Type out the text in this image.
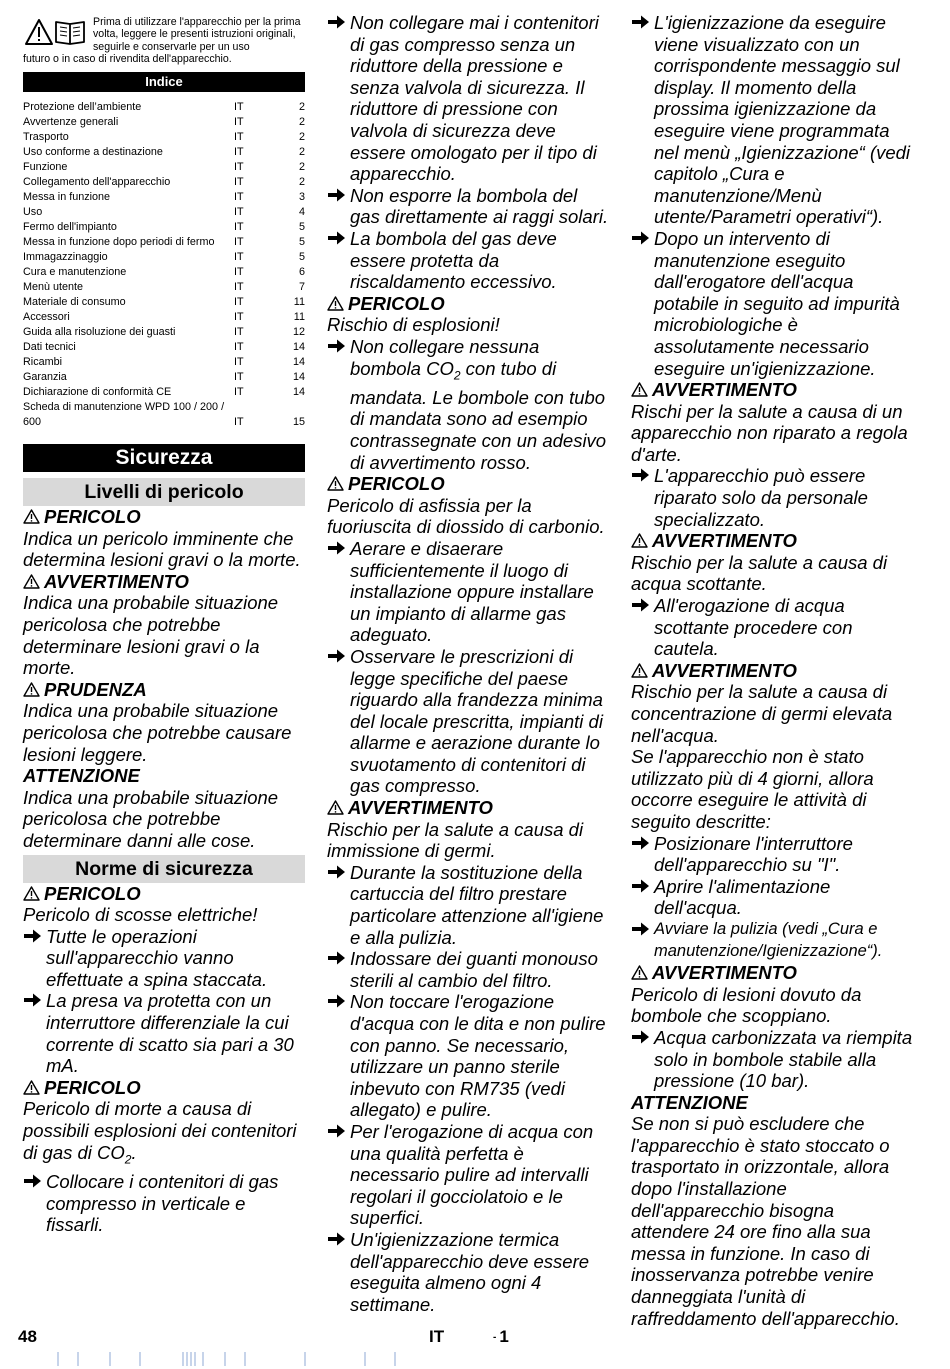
Prima di utilizzare l'apparecchio per la prima volta, leggere le presenti istruzioni originali, seguirle e conservarle per un uso

futuro o in caso di rivendita dell'apparecchio.

Indice
Protezione dell’ambiente	IT	2
Avvertenze generali	IT	2
Trasporto	IT	2
Uso conforme a destinazione	IT	2
Funzione	IT	2
Collegamento dell'apparecchio	IT	2
Messa in funzione	IT	3
Uso	IT	4
Fermo dell'impianto	IT	5
Messa in funzione dopo periodi di fermo	IT	5
Immagazzinaggio	IT	5
Cura e manutenzione	IT	6
Menù utente	IT	7
Materiale di consumo	IT	11
Accessori	IT	11
Guida alla risoluzione dei guasti	IT	12
Dati tecnici	IT	14
Ricambi	IT	14
Garanzia	IT	14
Dichiarazione di conformità CE	IT	14
Scheda di manutenzione WPD 100 / 200 / 600	IT	15
Sicurezza
Livelli di pericolo

PERICOLO

Indica un pericolo imminente che determina lesioni gravi o la morte.

AVVERTIMENTO

Indica una probabile situazione pericolosa che potrebbe determinare lesioni gravi o la morte.

PRUDENZA

Indica una probabile situazione pericolosa che potrebbe causare lesioni leggere.

ATTENZIONE

Indica una probabile situazione pericolosa che potrebbe determinare danni alle cose.

Norme di sicurezza

PERICOLO

Pericolo di scosse elettriche!

Tutte le operazioni sull'apparecchio vanno effettuate a spina staccata.

La presa va protetta con un interruttore differenziale la cui corrente di scatto sia pari a 30 mA.

PERICOLO

Pericolo di morte a causa di possibili esplosioni dei contenitori di gas di $CO_2$.

Collocare i contenitori di gas compresso in verticale e fissarli.

Non collegare mai i contenitori di gas compresso senza un riduttore della pressione e senza valvola di sicurezza. Il riduttore di pressione con valvola di sicurezza deve essere omologato per il tipo di apparecchio.

Non esporre la bombola del gas direttamente ai raggi solari.

La bombola del gas deve essere protetta da riscaldamento eccessivo.

PERICOLO

Rischio di esplosioni!

Non collegare nessuna bombola $CO_2$ con tubo di mandata. Le bombole con tubo di mandata sono ad esempio contrassegnate con un adesivo di avvertimento rosso.

PERICOLO

Pericolo di asfissia per la fuoriuscita di diossido di carbonio.

Aerare e disaerare sufficientemente il luogo di installazione oppure installare un impianto di allarme gas adeguato.

Osservare le prescrizioni di legge specifiche del paese riguardo alla frandezza minima del locale prescritta, impianti di allarme e aerazione durante lo svuotamento di contenitori di gas compresso.

AVVERTIMENTO

Rischio per la salute a causa di immissione di germi.

Durante la sostituzione della cartuccia del filtro prestare particolare attenzione all'igiene e alla pulizia.

Indossare dei guanti monouso sterili al cambio del filtro.

Non toccare l'erogazione d'acqua con le dita e non pulire con panno. Se necessario, utilizzare un panno sterile inbevuto con RM735 (vedi allegato) e pulire.

Per l'erogazione di acqua con una qualità perfetta è necessario pulire ad intervalli regolari il gocciolatoio e le superfici.

Un'igienizzazione termica dell'apparecchio deve essere eseguita almeno ogni 4 settimane.

L'igienizzazione da eseguire viene visualizzato con un corrispondente messaggio sul display. Il momento della prossima igienizzazione da eseguire viene programmata nel menù „Igienizzazione“ (vedi capitolo „Cura e manutenzione/Menù utente/Parametri operativi“).

Dopo un intervento di manutenzione eseguito dall'erogatore dell'acqua potabile in seguito ad impurità microbiologiche è assolutamente necessario eseguire un'igienizzazione.

AVVERTIMENTO

Rischi per la salute a causa di un apparecchio non riparato a regola d'arte.

L'apparecchio può essere riparato solo da personale specializzato.

AVVERTIMENTO

Rischio per la salute a causa di acqua scottante.

All'erogazione di acqua scottante procedere con cautela.

AVVERTIMENTO

Rischio per la salute a causa di concentrazione di germi elevata nell'acqua.

Se l'apparecchio non è stato utilizzato più di 4 giorni, allora occorre eseguire le attività di seguito descritte:

Posizionare l'interruttore dell'apparecchio su "I".

Aprire l'alimentazione dell'acqua.

Avviare la pulizia (vedi „Cura e manutenzione/Igienizzazione“).

AVVERTIMENTO

Pericolo di lesioni dovuto da bombole che scoppiano.

Acqua carbonizzata va riempita solo in bombole stabile alla pressione (10 bar).

ATTENZIONE

Se non si può escludere che l'apparecchio è stato stoccato o trasportato in orizzontale, allora dopo l'installazione dell'apparecchio bisogna attendere 24 ore fino alla sua messa in funzione. In caso di inosservanza potrebbe venire danneggiata l'unità di raffreddamento dell'apparecchio.

48	IT	- 1
